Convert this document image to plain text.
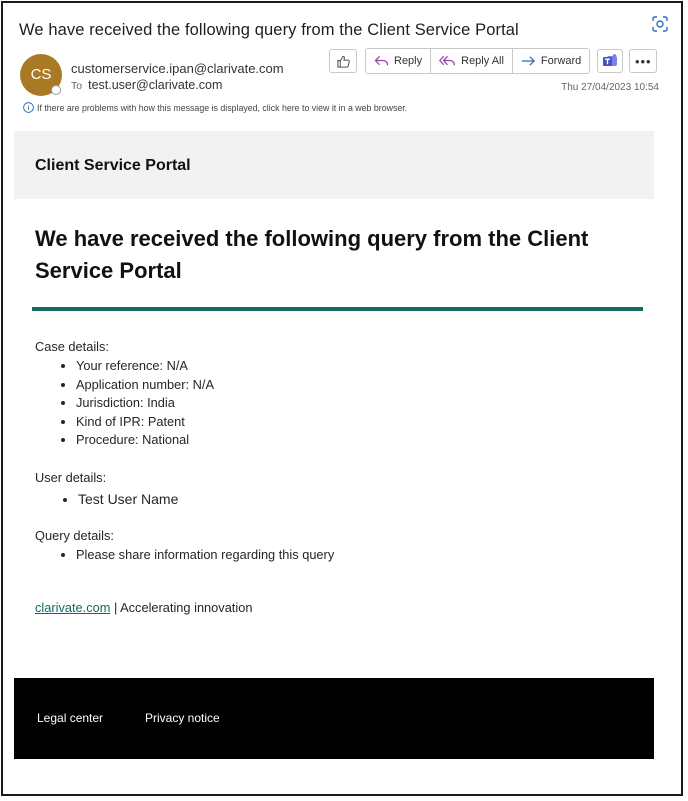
We have received the following query from the Client Service Portal
CS	customerservice.ipan@clarivate.com
To test.user@clarivate.com
Reply	Reply All	Forward	•••
Thu 27/04/2023 10:54
If there are problems with how this message is displayed, click here to view it in a web browser.
Client Service Portal
We have received the following query from the Client Service Portal
Case details:
• Your reference: N/A
• Application number: N/A
• Jurisdiction: India
• Kind of IPR: Patent
• Procedure: National
User details:
• Test User Name
Query details:
• Please share information regarding this query
clarivate.com | Accelerating innovation
Legal center	Privacy notice
